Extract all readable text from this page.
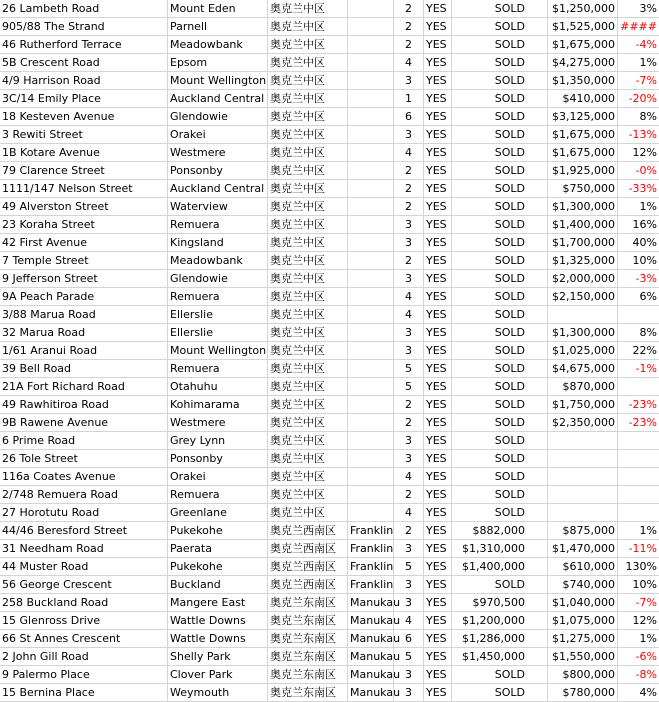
26 Lambeth Road	Mount Eden	奥克兰中区	2	YES	SOLD	$1,250,000	3%
905/88 The Strand	Parnell	奥克兰中区	2	YES	SOLD	$1,525,000 ####
46 Rutherford Terrace	Meadowbank	奥克兰中区	2	YES	SOLD	$1,675,000	-4%
5B Crescent Road	Epsom	奥克兰中区	4	YES	SOLD	$4,275,000	1%
4/9 Harrison Road	Mount Wellington 奥克兰中区	3	YES	SOLD	$1,350,000	-7%
3C/14 Emily Place	Auckland Central 奥克兰中区	1	YES	SOLD	$410,000	-20%
18 Kesteven Avenue	Glendowie	奥克兰中区	6	YES	SOLD	$3,125,000	8%
3 Rewiti Street	Orakei	奥克兰中区	3	YES	SOLD	$1,675,000	-13%
1B Kotare Avenue	Westmere	奥克兰中区	4	YES	SOLD	$1,675,000	12%
79 Clarence Street	Ponsonby	奥克兰中区	2	YES	SOLD	$1,925,000	-0%
1111/147 Nelson Street	Auckland Central 奥克兰中区	2	YES	SOLD	$750,000	-33%
49 Alverston Street	Waterview	奥克兰中区	2	YES	SOLD	$1,300,000	1%
23 Koraha Street	Remuera	奥克兰中区	3	YES	SOLD	$1,400,000	16%
42 First Avenue	Kingsland	奥克兰中区	3	YES	SOLD	$1,700,000	40%
7 Temple Street	Meadowbank	奥克兰中区	2	YES	SOLD	$1,325,000	10%
9 Jefferson Street	Glendowie	奥克兰中区	3	YES	SOLD	$2,000,000	-3%
9A Peach Parade	Remuera	奥克兰中区	4	YES	SOLD	$2,150,000	6%
3/88 Marua Road	Ellerslie	奥克兰中区	4	YES	SOLD
32 Marua Road	Ellerslie	奥克兰中区	3	YES	SOLD	$1,300,000	8%
1/61 Aranui Road	Mount Wellington 奥克兰中区	3	YES	SOLD	$1,025,000	22%
39 Bell Road	Remuera	奥克兰中区	5	YES	SOLD	$4,675,000	-1%
21A Fort Richard Road	Otahuhu	奥克兰中区	5	YES	SOLD	$870,000
49 Rawhitiroa Road	Kohimarama	奥克兰中区	2	YES	SOLD	$1,750,000	-23%
9B Rawene Avenue	Westmere	奥克兰中区	2	YES	SOLD	$2,350,000	-23%
6 Prime Road	Grey Lynn	奥克兰中区	3	YES	SOLD
26 Tole Street	Ponsonby	奥克兰中区	3	YES	SOLD
116a Coates Avenue	Orakei	奥克兰中区	4	YES	SOLD
2/748 Remuera Road	Remuera	奥克兰中区	2	YES	SOLD
27 Horotutu Road	Greenlane	奥克兰中区	4	YES	SOLD
44/46 Beresford Street	Pukekohe	奥克兰西南区	Franklin	2	YES	$882,000	$875,000	1%
31 Needham Road	Paerata	奥克兰西南区	Franklin	3	YES	$1,310,000	$1,470,000	-11%
44 Muster Road	Pukekohe	奥克兰西南区	Franklin	5	YES	$1,400,000	$610,000 130%
56 George Crescent	Buckland	奥克兰西南区	Franklin	3	YES	SOLD	$740,000	10%
258 Buckland Road	Mangere East	奥克兰东南区	Manukau 3	YES	$970,500	$1,040,000	-7%
15 Glenross Drive	Wattle Downs	奥克兰东南区	Manukau 4	YES	$1,200,000	$1,075,000	12%
66 St Annes Crescent	Wattle Downs	奥克兰东南区	Manukau 6	YES	$1,286,000	$1,275,000	1%
2 John Gill Road	Shelly Park	奥克兰东南区	Manukau 5	YES	$1,450,000	$1,550,000	-6%
9 Palermo Place	Clover Park	奥克兰东南区	Manukau 3	YES	SOLD	$800,000	-8%
15 Bernina Place	Weymouth	奥克兰东南区	Manukau 3	YES	SOLD	$780,000	4%
